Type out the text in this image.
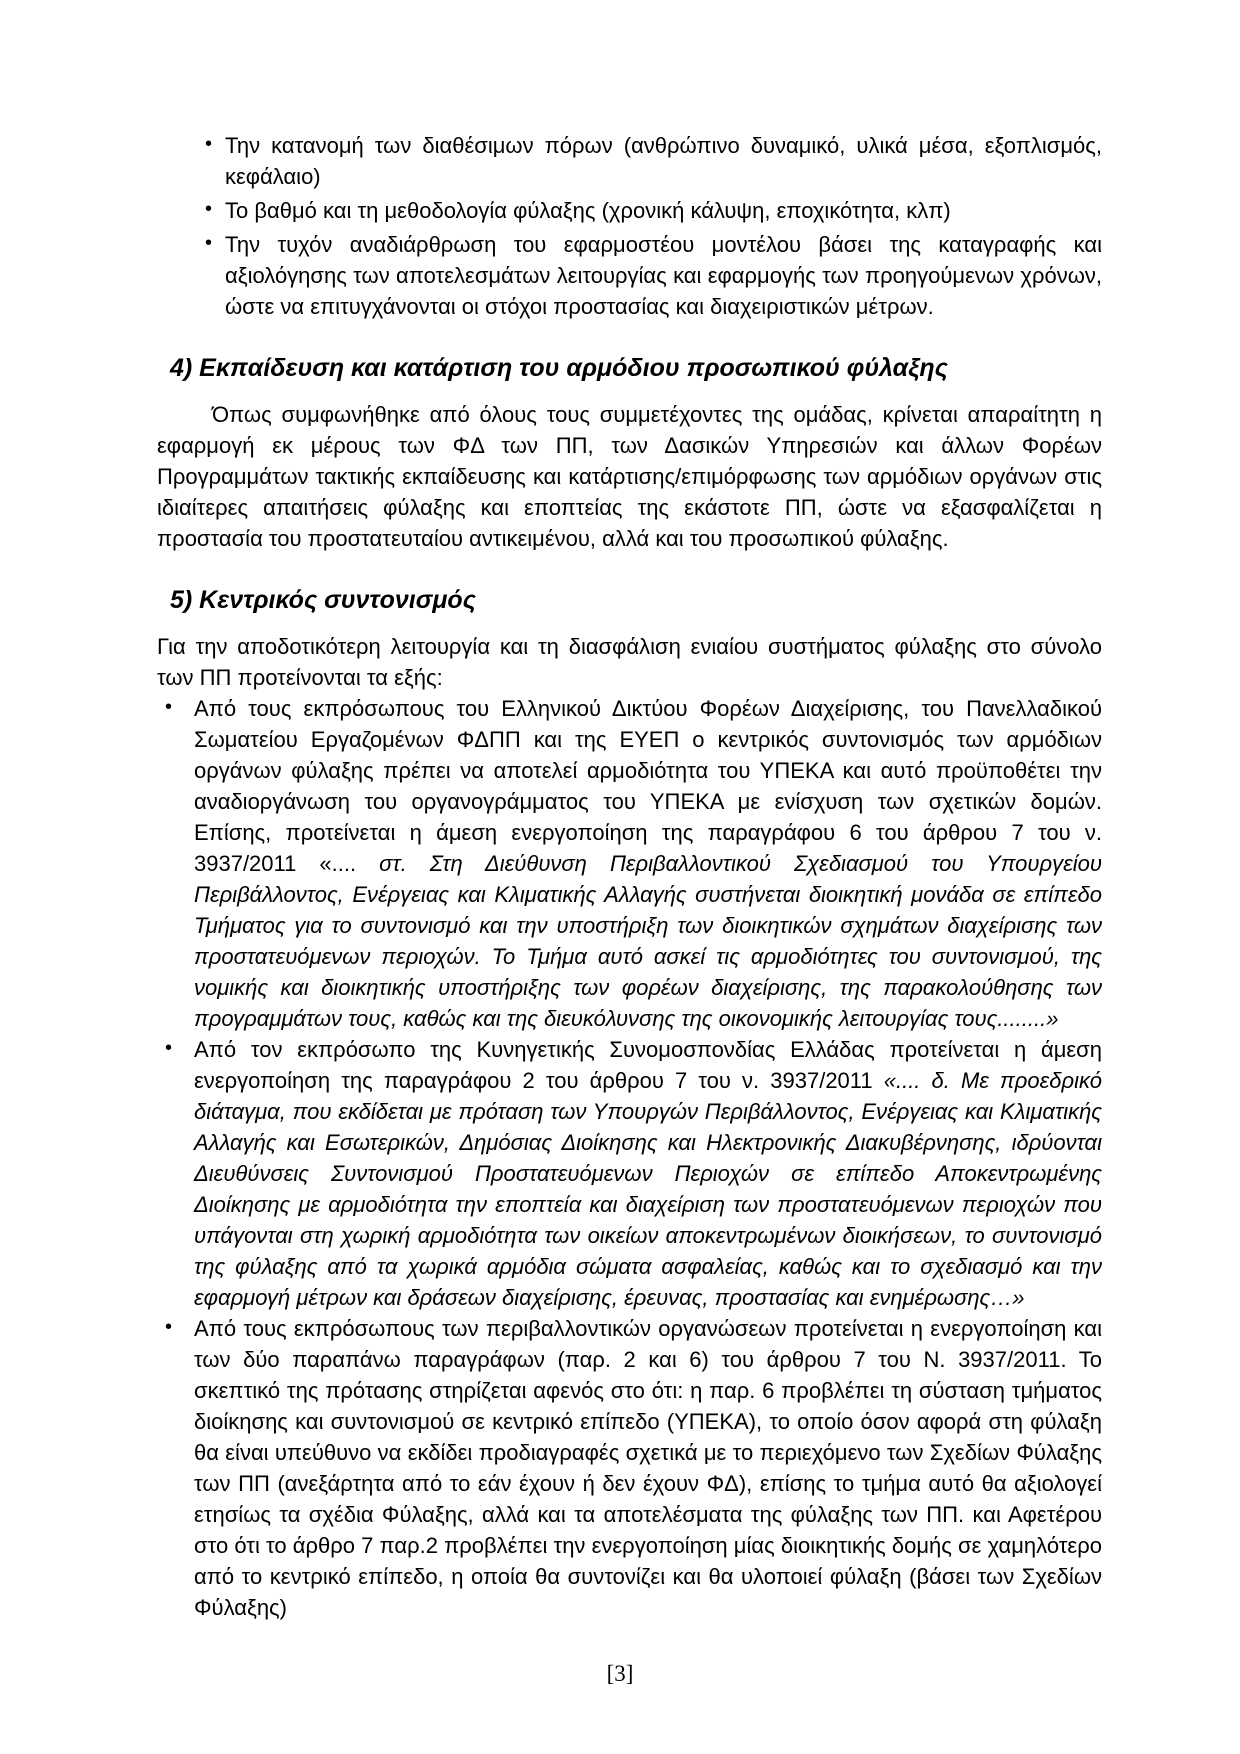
• Την κατανομή των διαθέσιμων πόρων (ανθρώπινο δυναμικό, υλικά μέσα, εξοπλισμός, κεφάλαιο)
• Το βαθμό και τη μεθοδολογία φύλαξης (χρονική κάλυψη, εποχικότητα, κλπ)
• Την τυχόν αναδιάρθρωση του εφαρμοστέου μοντέλου βάσει της καταγραφής και αξιολόγησης των αποτελεσμάτων λειτουργίας και εφαρμογής των προηγούμενων χρόνων, ώστε να επιτυγχάνονται οι στόχοι προστασίας και διαχειριστικών μέτρων.
4) Εκπαίδευση και κατάρτιση του αρμόδιου προσωπικού φύλαξης

Όπως συμφωνήθηκε από όλους τους συμμετέχοντες της ομάδας, κρίνεται απαραίτητη η εφαρμογή εκ μέρους των ΦΔ των ΠΠ, των Δασικών Υπηρεσιών και άλλων Φορέων Προγραμμάτων τακτικής εκπαίδευσης και κατάρτισης/επιμόρφωσης των αρμόδιων οργάνων στις ιδιαίτερες απαιτήσεις φύλαξης και εποπτείας της εκάστοτε ΠΠ, ώστε να εξασφαλίζεται η προστασία του προστατευταίου αντικειμένου, αλλά και του προσωπικού φύλαξης.

5) Κεντρικός συντονισμός

Για την αποδοτικότερη λειτουργία και τη διασφάλιση ενιαίου συστήματος φύλαξης στο σύνολο των ΠΠ προτείνονται τα εξής:

• Από τους εκπρόσωπους του Ελληνικού Δικτύου Φορέων Διαχείρισης, του Πανελλαδικού Σωματείου Εργαζομένων ΦΔΠΠ και της ΕΥΕΠ ο κεντρικός συντονισμός των αρμόδιων οργάνων φύλαξης πρέπει να αποτελεί αρμοδιότητα του ΥΠΕΚΑ και αυτό προϋποθέτει την αναδιοργάνωση του οργανογράμματος του ΥΠΕΚΑ με ενίσχυση των σχετικών δομών. Επίσης, προτείνεται η άμεση ενεργοποίηση της παραγράφου 6 του άρθρου 7 του ν. 3937/2011 «.... στ. Στη Διεύθυνση Περιβαλλοντικού Σχεδιασμού του Υπουργείου Περιβάλλοντος, Ενέργειας και Κλιματικής Αλλαγής συστήνεται διοικητική μονάδα σε επίπεδο Τμήματος για το συντονισμό και την υποστήριξη των διοικητικών σχημάτων διαχείρισης των προστατευόμενων περιοχών. Το Τμήμα αυτό ασκεί τις αρμοδιότητες του συντονισμού, της νομικής και διοικητικής υποστήριξης των φορέων διαχείρισης, της παρακολούθησης των προγραμμάτων τους, καθώς και της διευκόλυνσης της οικονομικής λειτουργίας τους........»
• Από τον εκπρόσωπο της Κυνηγετικής Συνομοσπονδίας Ελλάδας προτείνεται η άμεση ενεργοποίηση της παραγράφου 2 του άρθρου 7 του ν. 3937/2011 «.... δ. Με προεδρικό διάταγμα, που εκδίδεται με πρόταση των Υπουργών Περιβάλλοντος, Ενέργειας και Κλιματικής Αλλαγής και Εσωτερικών, Δημόσιας Διοίκησης και Ηλεκτρονικής Διακυβέρνησης, ιδρύονται Διευθύνσεις Συντονισμού Προστατευόμενων Περιοχών σε επίπεδο Αποκεντρωμένης Διοίκησης με αρμοδιότητα την εποπτεία και διαχείριση των προστατευόμενων περιοχών που υπάγονται στη χωρική αρμοδιότητα των οικείων αποκεντρωμένων διοικήσεων, το συντονισμό της φύλαξης από τα χωρικά αρμόδια σώματα ασφαλείας, καθώς και το σχεδιασμό και την εφαρμογή μέτρων και δράσεων διαχείρισης, έρευνας, προστασίας και ενημέρωσης…»
• Από τους εκπρόσωπους των περιβαλλοντικών οργανώσεων προτείνεται η ενεργοποίηση και των δύο παραπάνω παραγράφων (παρ. 2 και 6) του άρθρου 7 του Ν. 3937/2011. Το σκεπτικό της πρότασης στηρίζεται αφενός στο ότι: η παρ. 6 προβλέπει τη σύσταση τμήματος διοίκησης και συντονισμού σε κεντρικό επίπεδο (ΥΠΕΚΑ), το οποίο όσον αφορά στη φύλαξη θα είναι υπεύθυνο να εκδίδει προδιαγραφές σχετικά με το περιεχόμενο των Σχεδίων Φύλαξης των ΠΠ (ανεξάρτητα από το εάν έχουν ή δεν έχουν ΦΔ), επίσης το τμήμα αυτό θα αξιολογεί ετησίως τα σχέδια Φύλαξης, αλλά και τα αποτελέσματα της φύλαξης των ΠΠ. και Αφετέρου στο ότι το άρθρο 7 παρ.2 προβλέπει την ενεργοποίηση μίας διοικητικής δομής σε χαμηλότερο από το κεντρικό επίπεδο, η οποία θα συντονίζει και θα υλοποιεί φύλαξη (βάσει των Σχεδίων Φύλαξης)
[3]
